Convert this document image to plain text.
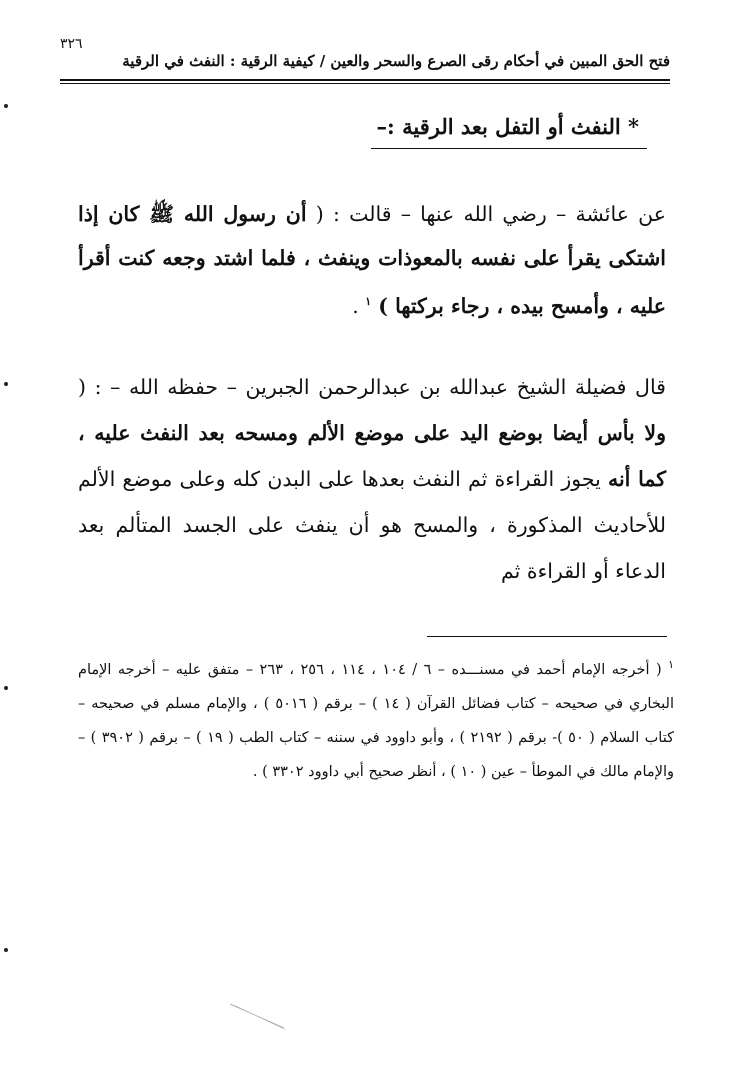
فتح الحق المبين في أحكام رقى الصرع والسحر والعين / كيفية الرقية : النفث في الرقية
٣٢٦
* النفث أو التفل بعد الرقية :–
عن عائشة – رضي الله عنها – قالت : ( أن رسول الله ﷺ كان إذا اشتكى يقرأ على نفسه بالمعوذات وينفث ، فلما اشتد وجعه كنت أقرأ عليه ، وأمسح بيده ، رجاء بركتها ) $^١$ .
قال فضيلة الشيخ عبدالله بن عبدالرحمن الجبرين – حفظه الله – : ( ولا بأس أيضا بوضع اليد على موضع الألم ومسحه بعد النفث عليه ، كما أنه يجوز القراءة ثم النفث بعدها على البدن كله وعلى موضع الألم للأحاديث المذكورة ، والمسح هو أن ينفث على الجسد المتألم بعد الدعاء أو القراءة ثم
$^١$ ( أخرجه الإمام أحمد في مسنـــده – ٦ / ١٠٤ ، ١١٤ ، ٢٥٦ ، ٢٦٣ – متفق عليه – أخرجه الإمام البخاري في صحيحه – كتاب فضائل القرآن ( ١٤ ) – برقم ( ٥٠١٦ ) ، والإمام مسلم في صحيحه – كتاب السلام ( ٥٠ )- برقم ( ٢١٩٢ ) ، وأبو داوود في سننه – كتاب الطب ( ١٩ ) – برقم ( ٣٩٠٢ ) – والإمام مالك في الموطأ – عين ( ١٠ ) ، أنظر صحيح أبي داوود ٣٣٠٢ ) .
